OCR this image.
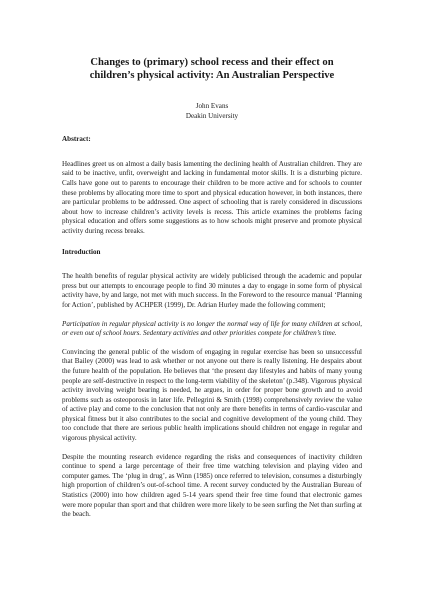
Changes to (primary) school recess and their effect on
children’s physical activity: An Australian Perspective
John Evans
Deakin University
Abstract:

Headlines greet us on almost a daily basis lamenting the declining health of Australian children. They are said to be inactive, unfit, overweight and lacking in fundamental motor skills. It is a disturbing picture. Calls have gone out to parents to encourage their children to be more active and for schools to counter these problems by allocating more time to sport and physical education however, in both instances, there are particular problems to be addressed. One aspect of schooling that is rarely considered in discussions about how to increase children’s activity levels is recess. This article examines the problems facing physical education and offers some suggestions as to how schools might preserve and promote physical activity during recess breaks.

Introduction

The health benefits of regular physical activity are widely publicised through the academic and popular press but our attempts to encourage people to find 30 minutes a day to engage in some form of physical activity have, by and large, not met with much success. In the Foreword to the resource manual ‘Planning for Action’, published by ACHPER (1999), Dr. Adrian Hurley made the following comment;

Participation in regular physical activity is no longer the normal way of life for many children at school, or even out of school hours. Sedentary activities and other priorities compete for children’s time.

Convincing the general public of the wisdom of engaging in regular exercise has been so unsuccessful that Bailey (2000) was lead to ask whether or not anyone out there is really listening. He despairs about the future health of the population. He believes that ‘the present day lifestyles and habits of many young people are self-destructive in respect to the long-term viability of the skeleton’ (p.348). Vigorous physical activity involving weight bearing is needed, he argues, in order for proper bone growth and to avoid problems such as osteoporosis in later life. Pellegrini & Smith (1998) comprehensively review the value of active play and come to the conclusion that not only are there benefits in terms of cardio-vascular and physical fitness but it also contributes to the social and cognitive development of the young child. They too conclude that there are serious public health implications should children not engage in regular and vigorous physical activity.

Despite the mounting research evidence regarding the risks and consequences of inactivity children continue to spend a large percentage of their free time watching television and playing video and computer games. The ‘plug in drug’, as Winn (1985) once referred to television, consumes a disturbingly high proportion of children’s out-of-school time. A recent survey conducted by the Australian Bureau of Statistics (2000) into how children aged 5-14 years spend their free time found that electronic games were more popular than sport and that children were more likely to be seen surfing the Net than surfing at the beach.
